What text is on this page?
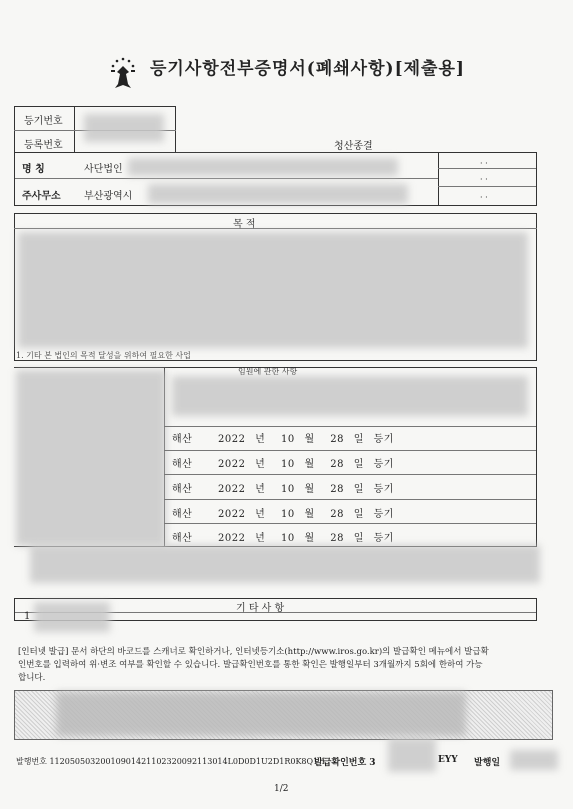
등기사항전부증명서(폐쇄사항)[제출용]
등기번호
등록번호	청산종결
· ·
· ·
· ·
명 칭	사단법인
주사무소 부산광역시
목 적
1. 기타 본 법인의 목적 달성을 위하여 필요한 사업
임원에 관한 사항
해산	2022 년 10 월 28 일 등기
해산	2022 년 10 월 28 일 등기
해산	2022 년 10 월 28 일 등기
해산	2022 년 10 월 28 일 등기
해산	2022 년 10 월 28 일 등기
기 타 사 항
1
[인터넷 발급] 문서 하단의 바코드를 스캐너로 확인하거나, 인터넷등기소(http://www.iros.go.kr)의 발급확인 메뉴에서 발급확
인번호를 입력하여 위·변조 여부를 확인할 수 있습니다. 발급확인번호를 통한 확인은 발행일부터 3개월까지 5회에 한하여 가능
합니다.
발행번호 11205050320010901421102320092113014L0D0D1U2D1R0K8Q1 1
발급확인번호 3	EYY 발행일
1/2
